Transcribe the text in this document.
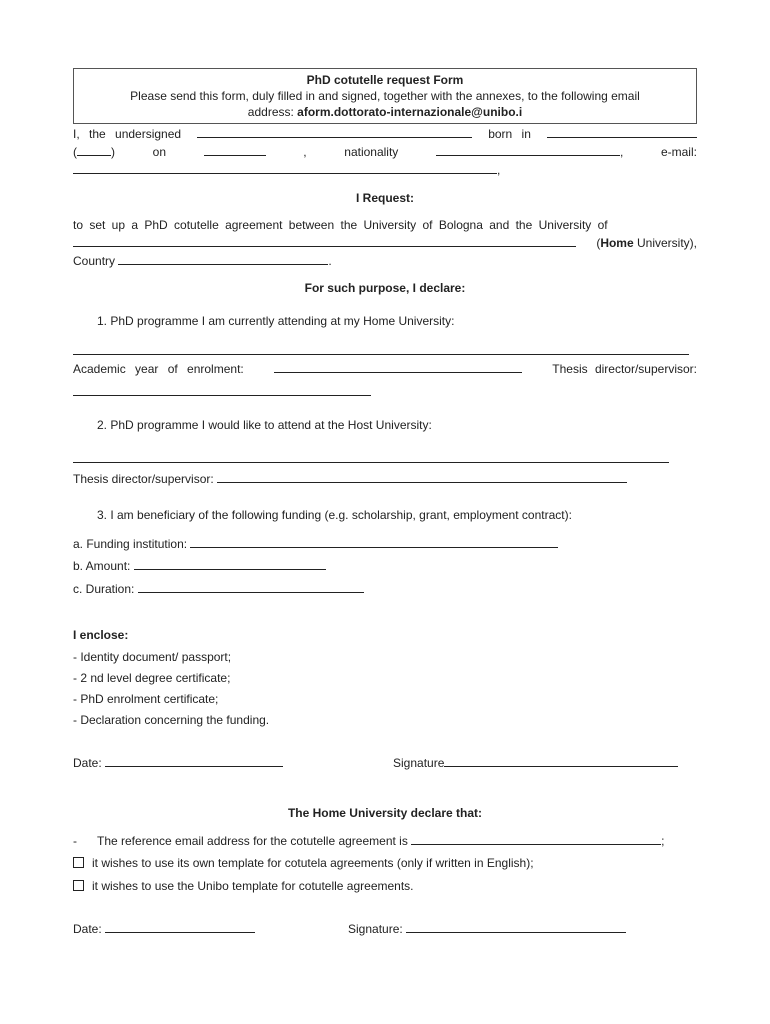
PhD cotutelle request Form
Please send this form, duly filled in and signed, together with the annexes, to the following email
address: aform.dottorato-internazionale@unibo.i
I, the undersigned	born in
(	)	on	,	nationality	,	e-mail:
,
I Request:
to set up a PhD cotutelle agreement between the University of Bologna and the University of
(Home University),
Country	.
For such purpose, I declare:
1. PhD programme I am currently attending at my Home University:
Academic year of enrolment:	Thesis director/supervisor:
2. PhD programme I would like to attend at the Host University:
Thesis director/supervisor:
3. I am beneficiary of the following funding (e.g. scholarship, grant, employment contract):
a. Funding institution:
b. Amount:
c. Duration:
I enclose:
- Identity document/ passport;
- 2 nd level degree certificate;
- PhD enrolment certificate;
- Declaration concerning the funding.
Date:	Signature
The Home University declare that:
- The reference email address for the cotutelle agreement is	;
it wishes to use its own template for cotutela agreements (only if written in English);
it wishes to use the Unibo template for cotutelle agreements.
Date:	Signature:
